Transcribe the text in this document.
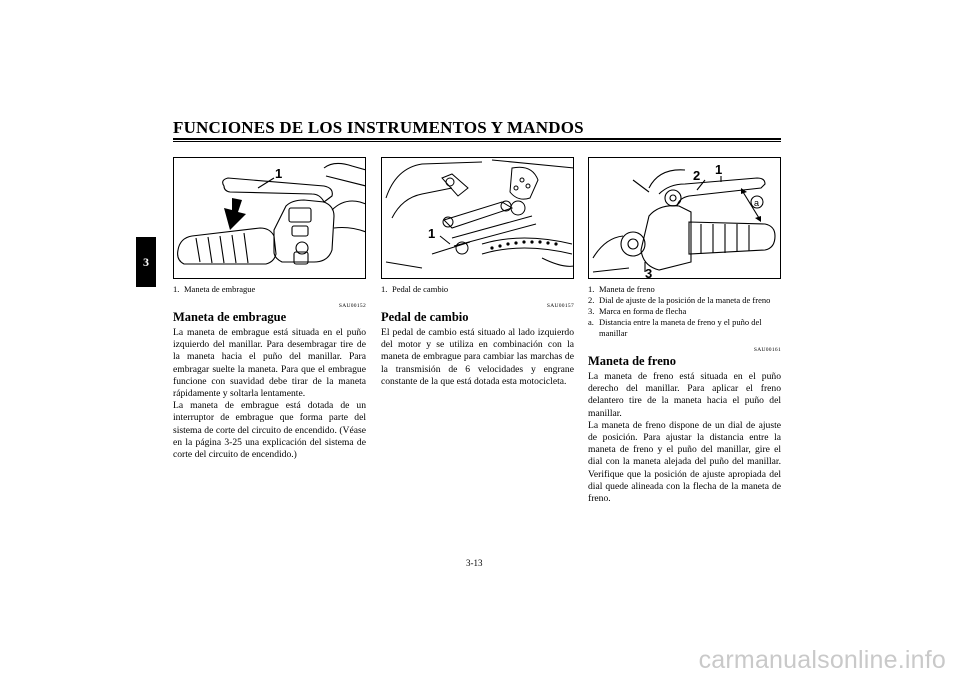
FUNCIONES DE LOS INSTRUMENTOS Y MANDOS
3
1
1. Maneta de embrague
SAU00152
Maneta de embrague

La maneta de embrague está situada en el puño izquierdo del manillar. Para desembragar tire de la maneta hacia el puño del manillar. Para embragar suelte la maneta. Para que el embrague funcione con suavidad debe tirar de la maneta rápidamente y soltarla lentamente.

La maneta de embrague está dotada de un interruptor de embrague que forma parte del sistema de corte del circuito de encendido. (Véase en la página 3-25 una explicación del sistema de corte del circuito de encendido.)

1
1. Pedal de cambio
SAU00157
Pedal de cambio

El pedal de cambio está situado al lado izquierdo del motor y se utiliza en combinación con la maneta de embrague para cambiar las marchas de la transmisión de 6 velocidades y engrane constante de la que está dotada esta motocicleta.

2 1
3
a
1. Maneta de freno
2. Dial de ajuste de la posición de la maneta de freno
3. Marca en forma de flecha
a. Distancia entre la maneta de freno y el puño del manillar
SAU00161
Maneta de freno

La maneta de freno está situada en el puño derecho del manillar. Para aplicar el freno delantero tire de la maneta hacia el puño del manillar.

La maneta de freno dispone de un dial de ajuste de posición. Para ajustar la distancia entre la maneta de freno y el puño del manillar, gire el dial con la maneta alejada del puño del manillar. Verifique que la posición de ajuste apropiada del dial quede alineada con la flecha de la maneta de freno.

3-13
carmanualsonline.info
